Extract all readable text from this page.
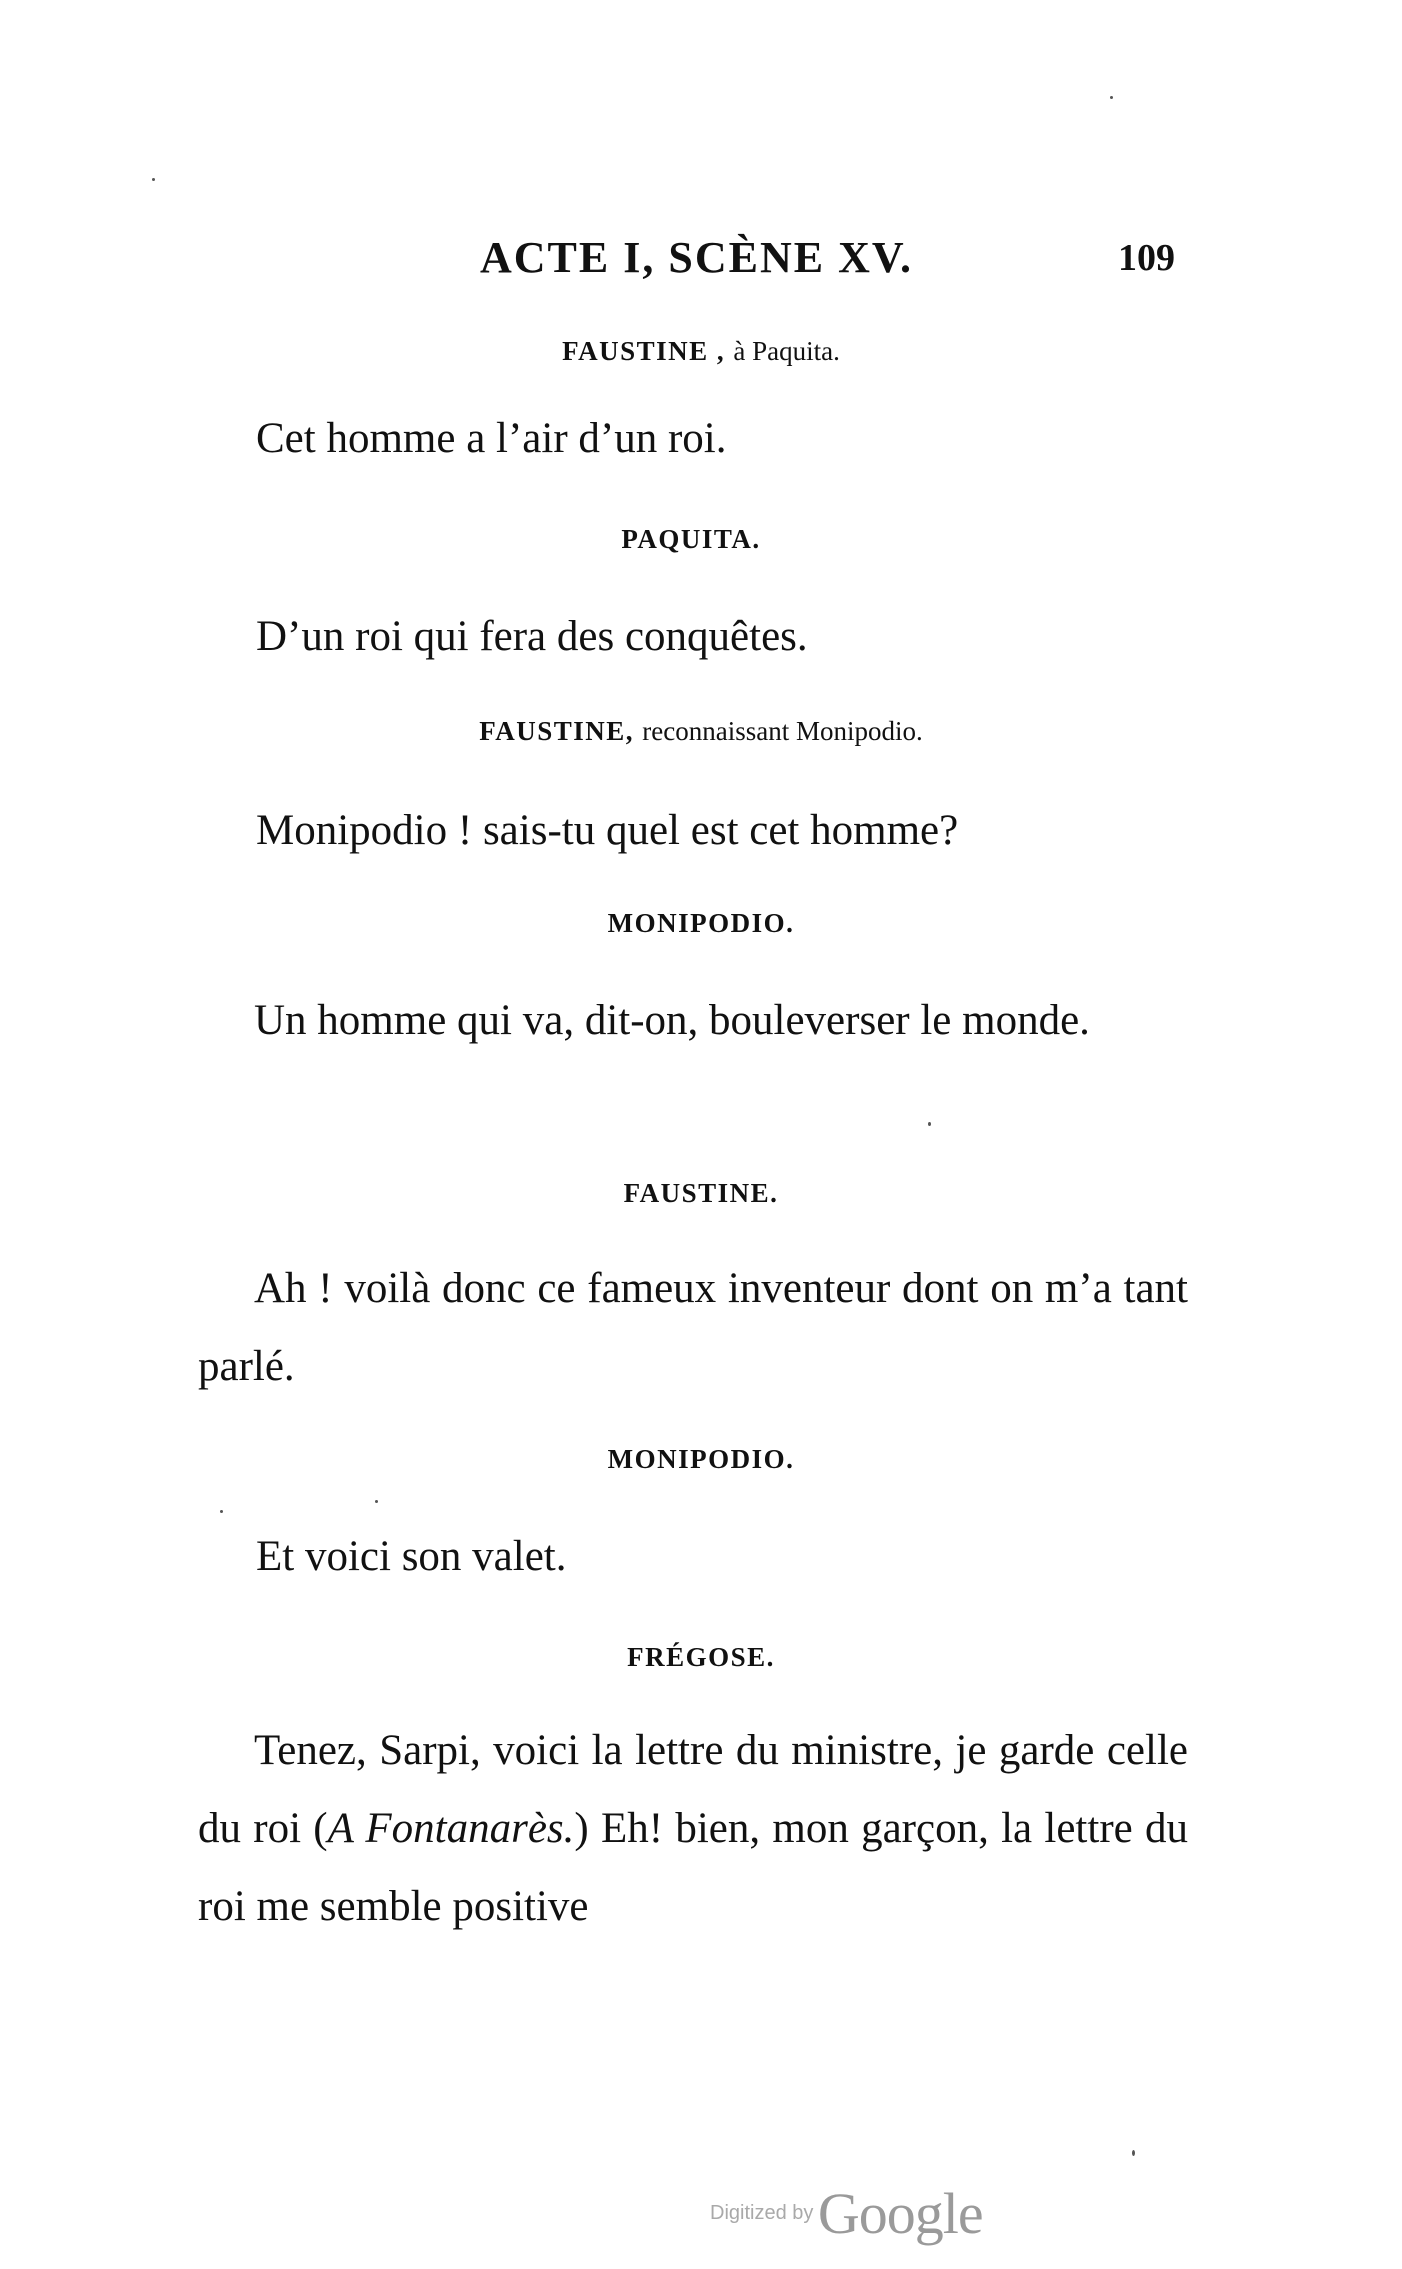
ACTE I, SCÈNE XV.	109
FAUSTINE , à Paquita.
Cet homme a l’air d’un roi.
PAQUITA.
D’un roi qui fera des conquêtes.
FAUSTINE, reconnaissant Monipodio.
Monipodio ! sais-tu quel est cet homme?
MONIPODIO.
Un homme qui va, dit-on, bouleverser le monde.
FAUSTINE.
Ah ! voilà donc ce fameux inventeur dont on m’a tant parlé.
MONIPODIO.
Et voici son valet.
FRÉGOSE.
Tenez, Sarpi, voici la lettre du ministre, je garde celle du roi (A Fontanarès.) Eh! bien, mon garçon, la lettre du roi me semble positive
Digitized by Google
